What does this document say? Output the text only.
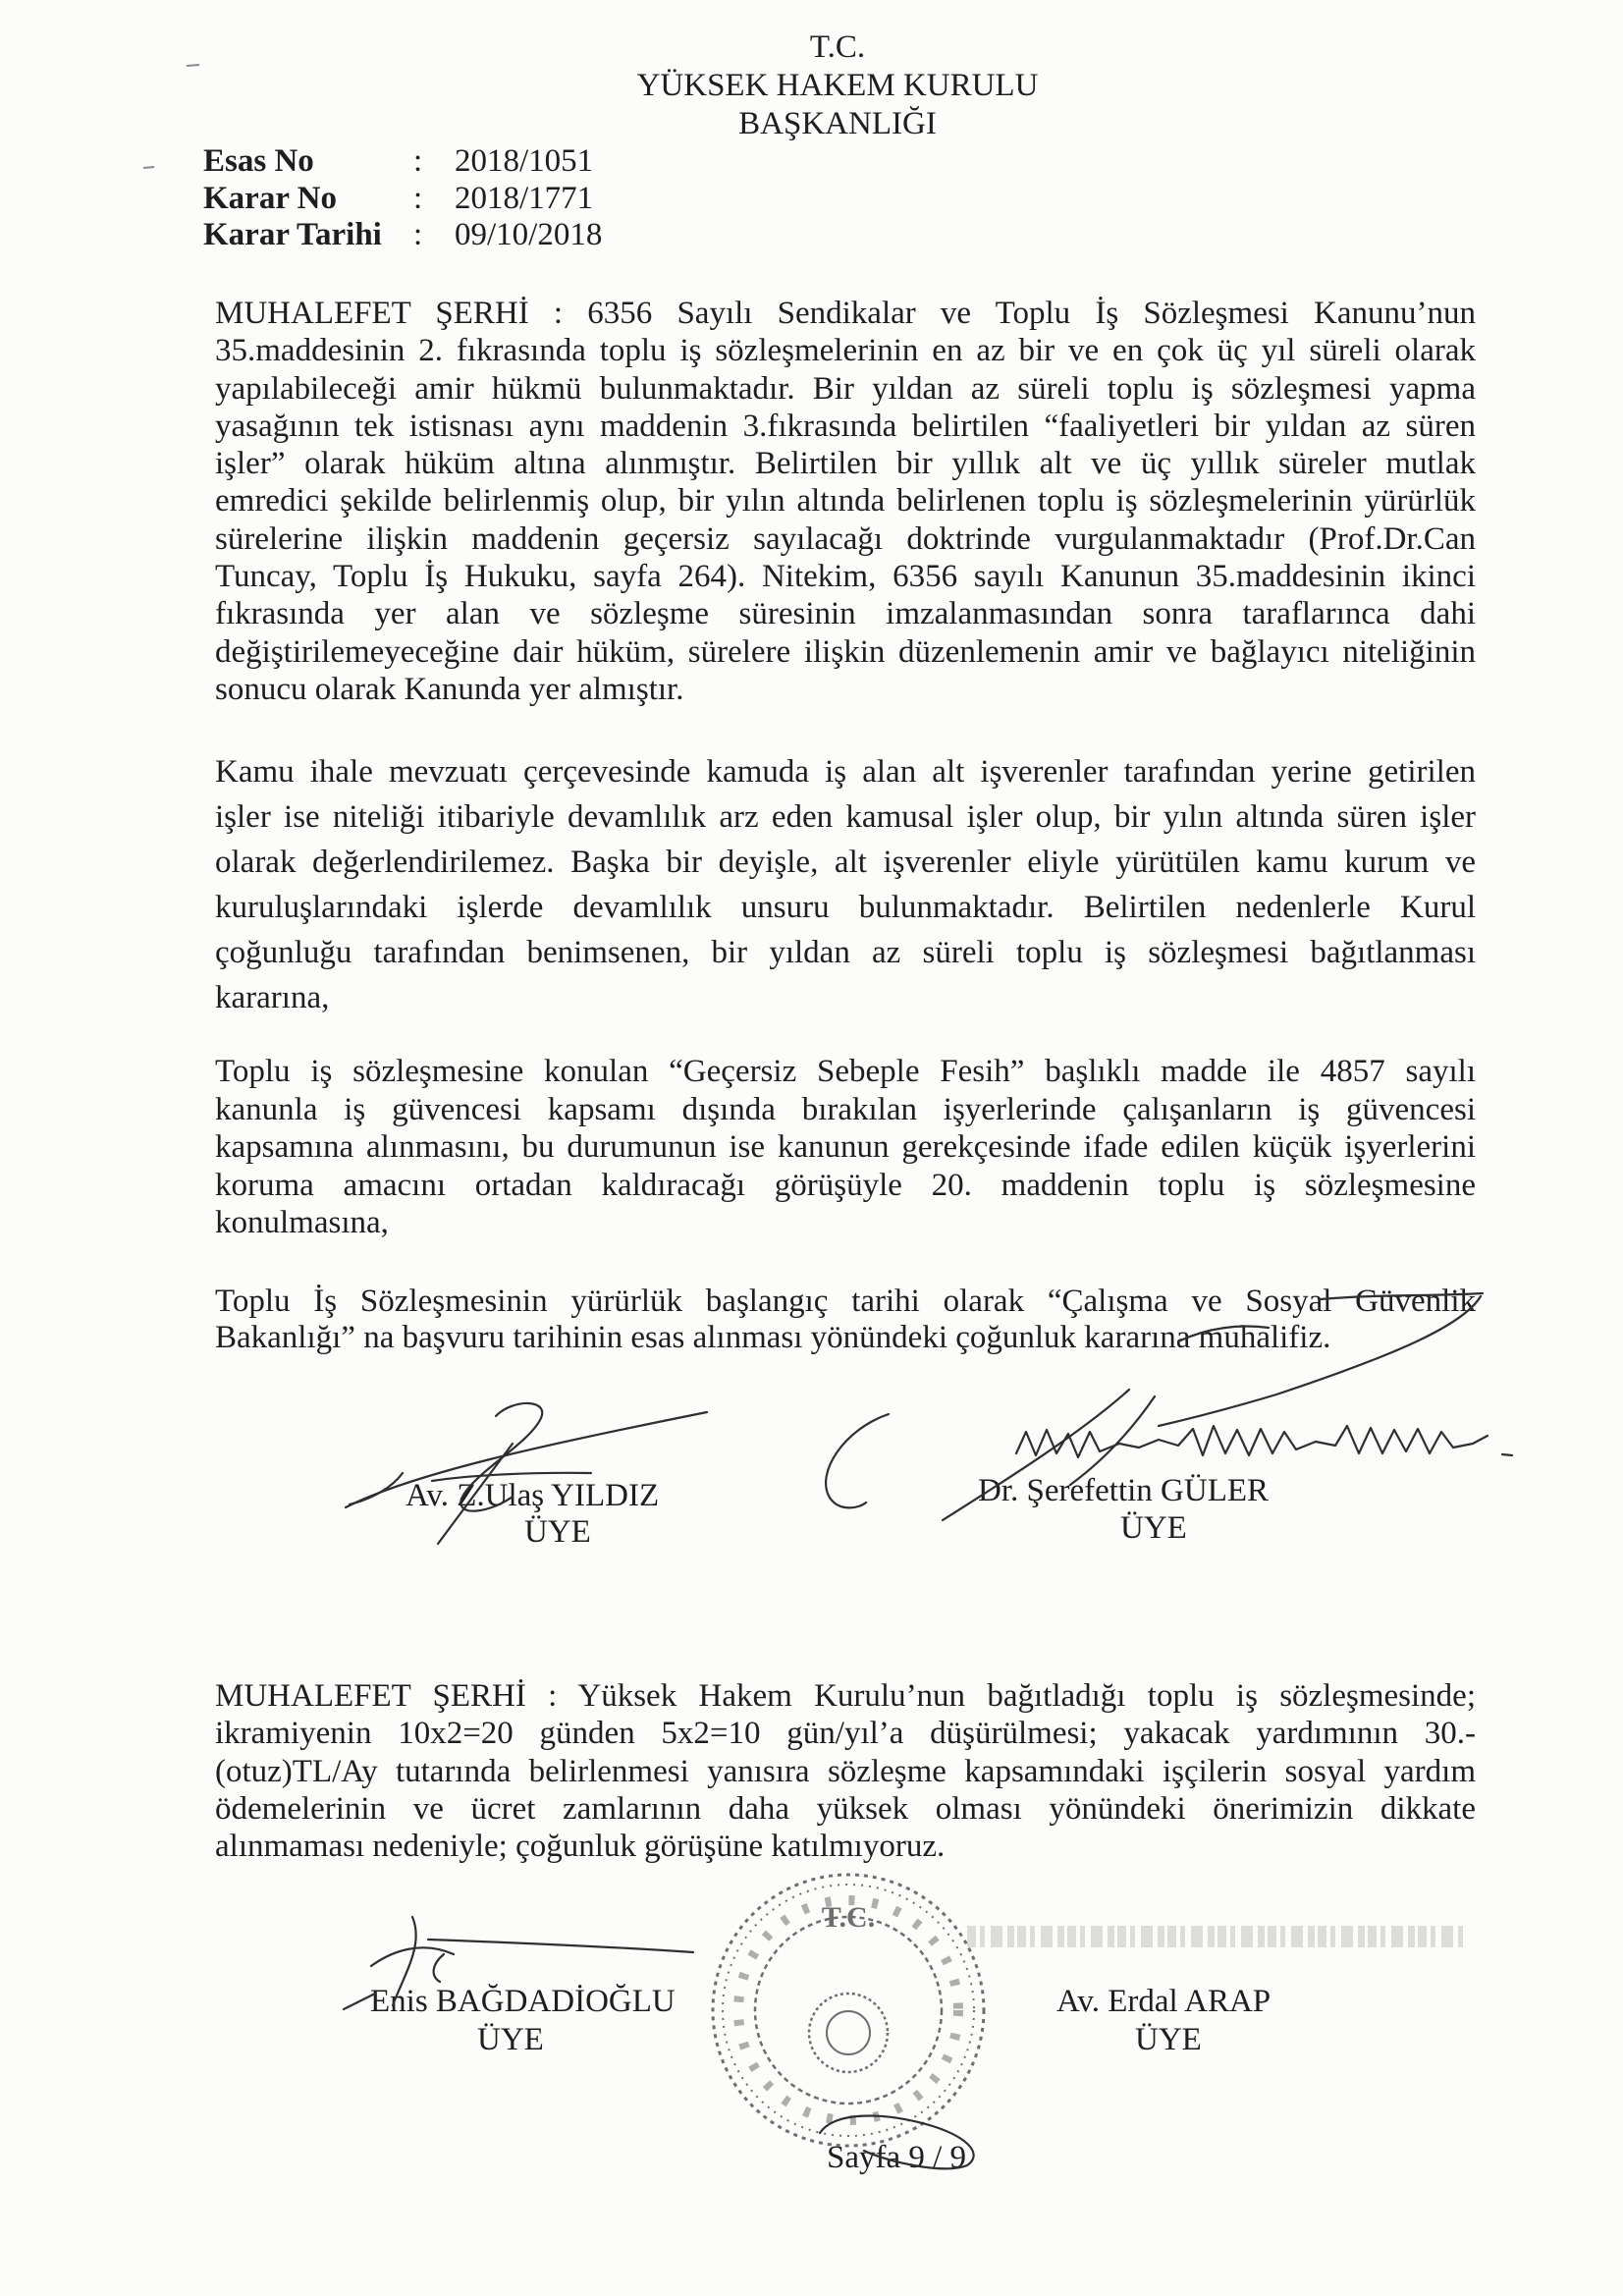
T.C.
YÜKSEK HAKEM KURULU
BAŞKANLIĞI
Esas No	: 2018/1051
Karar No : 2018/1771
Karar Tarihi : 09/10/2018
MUHALEFET ŞERHİ : 6356 Sayılı Sendikalar ve Toplu İş Sözleşmesi Kanunu’nun
35.maddesinin 2. fıkrasında toplu iş sözleşmelerinin en az bir ve en çok üç yıl süreli olarak
yapılabileceği amir hükmü bulunmaktadır. Bir yıldan az süreli toplu iş sözleşmesi yapma
yasağının tek istisnası aynı maddenin 3.fıkrasında belirtilen “faaliyetleri bir yıldan az süren
işler” olarak hüküm altına alınmıştır. Belirtilen bir yıllık alt ve üç yıllık süreler mutlak
emredici şekilde belirlenmiş olup, bir yılın altında belirlenen toplu iş sözleşmelerinin yürürlük
sürelerine ilişkin maddenin geçersiz sayılacağı doktrinde vurgulanmaktadır (Prof.Dr.Can
Tuncay, Toplu İş Hukuku, sayfa 264). Nitekim, 6356 sayılı Kanunun 35.maddesinin ikinci
fıkrasında yer alan ve sözleşme süresinin imzalanmasından sonra taraflarınca dahi
değiştirilemeyeceğine dair hüküm, sürelere ilişkin düzenlemenin amir ve bağlayıcı niteliğinin
sonucu olarak Kanunda yer almıştır.
Kamu ihale mevzuatı çerçevesinde kamuda iş alan alt işverenler tarafından yerine getirilen
işler ise niteliği itibariyle devamlılık arz eden kamusal işler olup, bir yılın altında süren işler
olarak değerlendirilemez. Başka bir deyişle, alt işverenler eliyle yürütülen kamu kurum ve
kuruluşlarındaki işlerde devamlılık unsuru bulunmaktadır. Belirtilen nedenlerle Kurul
çoğunluğu tarafından benimsenen, bir yıldan az süreli toplu iş sözleşmesi bağıtlanması
kararına,
Toplu iş sözleşmesine konulan “Geçersiz Sebeple Fesih” başlıklı madde ile 4857 sayılı
kanunla iş güvencesi kapsamı dışında bırakılan işyerlerinde çalışanların iş güvencesi
kapsamına alınmasını, bu durumunun ise kanunun gerekçesinde ifade edilen küçük işyerlerini
koruma amacını ortadan kaldıracağı görüşüyle 20. maddenin toplu iş sözleşmesine
konulmasına,
Toplu İş Sözleşmesinin yürürlük başlangıç tarihi olarak “Çalışma ve Sosyal Güvenlik
Bakanlığı” na başvuru tarihinin esas alınması yönündeki çoğunluk kararına muhalifiz.
Av. Z.Ulaş YILDIZ
ÜYE
Dr. Şerefettin GÜLER
ÜYE
MUHALEFET ŞERHİ : Yüksek Hakem Kurulu’nun bağıtladığı toplu iş sözleşmesinde;
ikramiyenin 10x2=20 günden 5x2=10 gün/yıl’a düşürülmesi; yakacak yardımının 30.-
(otuz)TL/Ay tutarında belirlenmesi yanısıra sözleşme kapsamındaki işçilerin sosyal yardım
ödemelerinin ve ücret zamlarının daha yüksek olması yönündeki önerimizin dikkate
alınmaması nedeniyle; çoğunluk görüşüne katılmıyoruz.
Enis BAĞDADİOĞLU
ÜYE
Av. Erdal ARAP
ÜYE
Sayfa 9 / 9
T.C.
